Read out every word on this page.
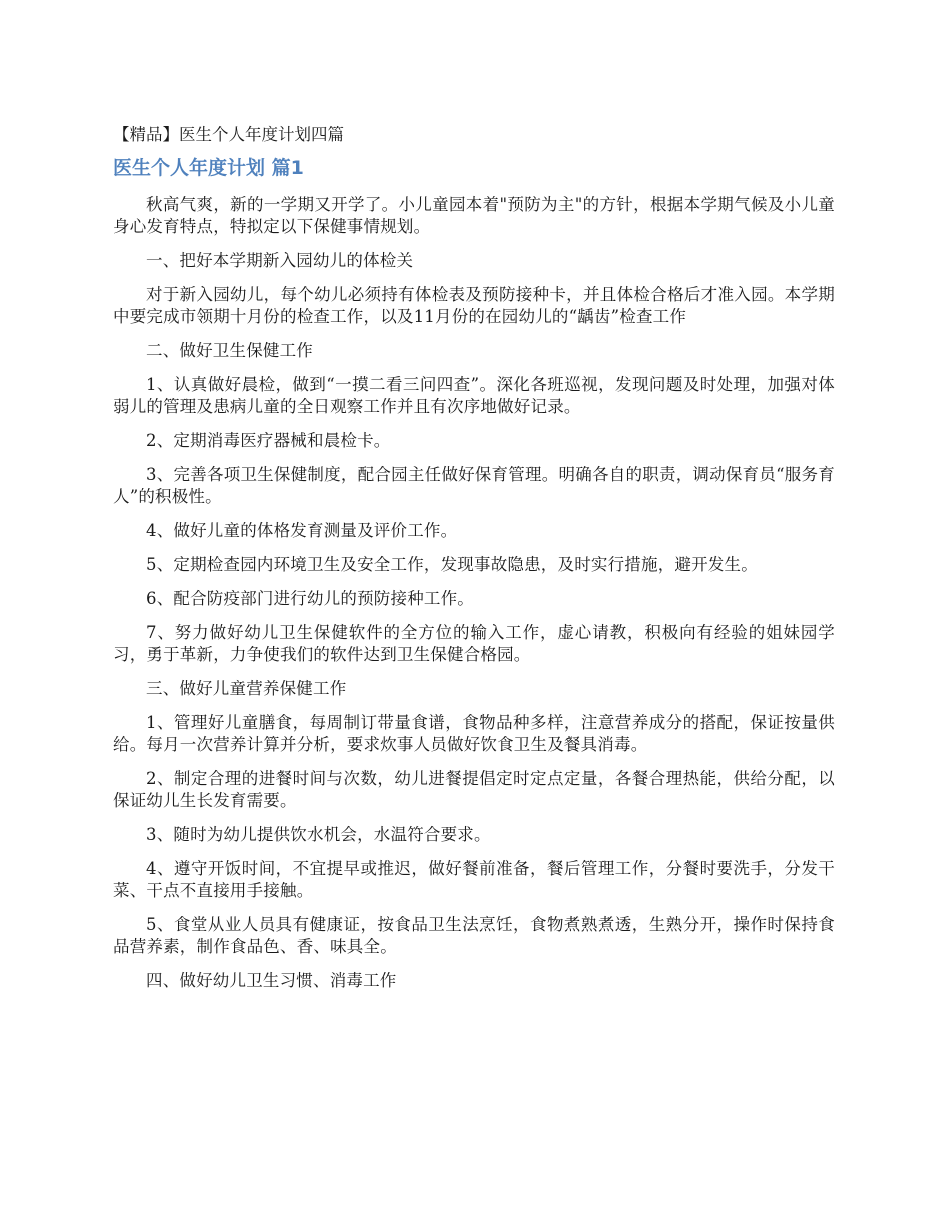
【精品】医生个人年度计划四篇
医生个人年度计划 篇1

秋高气爽，新的一学期又开学了。小儿童园本着"预防为主"的方针，根据本学期气候及小儿童身心发育特点，特拟定以下保健事情规划。

一、把好本学期新入园幼儿的体检关

对于新入园幼儿，每个幼儿必须持有体检表及预防接种卡，并且体检合格后才准入园。本学期中要完成市领期十月份的检查工作，以及11月份的在园幼儿的“龋齿”检查工作

二、做好卫生保健工作

1、认真做好晨检，做到“一摸二看三问四查”。深化各班巡视，发现问题及时处理，加强对体弱儿的管理及患病儿童的全日观察工作并且有次序地做好记录。

2、定期消毒医疗器械和晨检卡。

3、完善各项卫生保健制度，配合园主任做好保育管理。明确各自的职责，调动保育员“服务育人”的积极性。

4、做好儿童的体格发育测量及评价工作。

5、定期检查园内环境卫生及安全工作，发现事故隐患，及时实行措施，避开发生。

6、配合防疫部门进行幼儿的预防接种工作。

7、努力做好幼儿卫生保健软件的全方位的输入工作，虚心请教，积极向有经验的姐妹园学习，勇于革新，力争使我们的软件达到卫生保健合格园。

三、做好儿童营养保健工作

1、管理好儿童膳食，每周制订带量食谱，食物品种多样，注意营养成分的搭配，保证按量供给。每月一次营养计算并分析，要求炊事人员做好饮食卫生及餐具消毒。

2、制定合理的进餐时间与次数，幼儿进餐提倡定时定点定量，各餐合理热能，供给分配，以保证幼儿生长发育需要。

3、随时为幼儿提供饮水机会，水温符合要求。

4、遵守开饭时间，不宜提早或推迟，做好餐前准备，餐后管理工作，分餐时要洗手，分发干菜、干点不直接用手接触。

5、食堂从业人员具有健康证，按食品卫生法烹饪，食物煮熟煮透，生熟分开，操作时保持食品营养素，制作食品色、香、味具全。

四、做好幼儿卫生习惯、消毒工作
